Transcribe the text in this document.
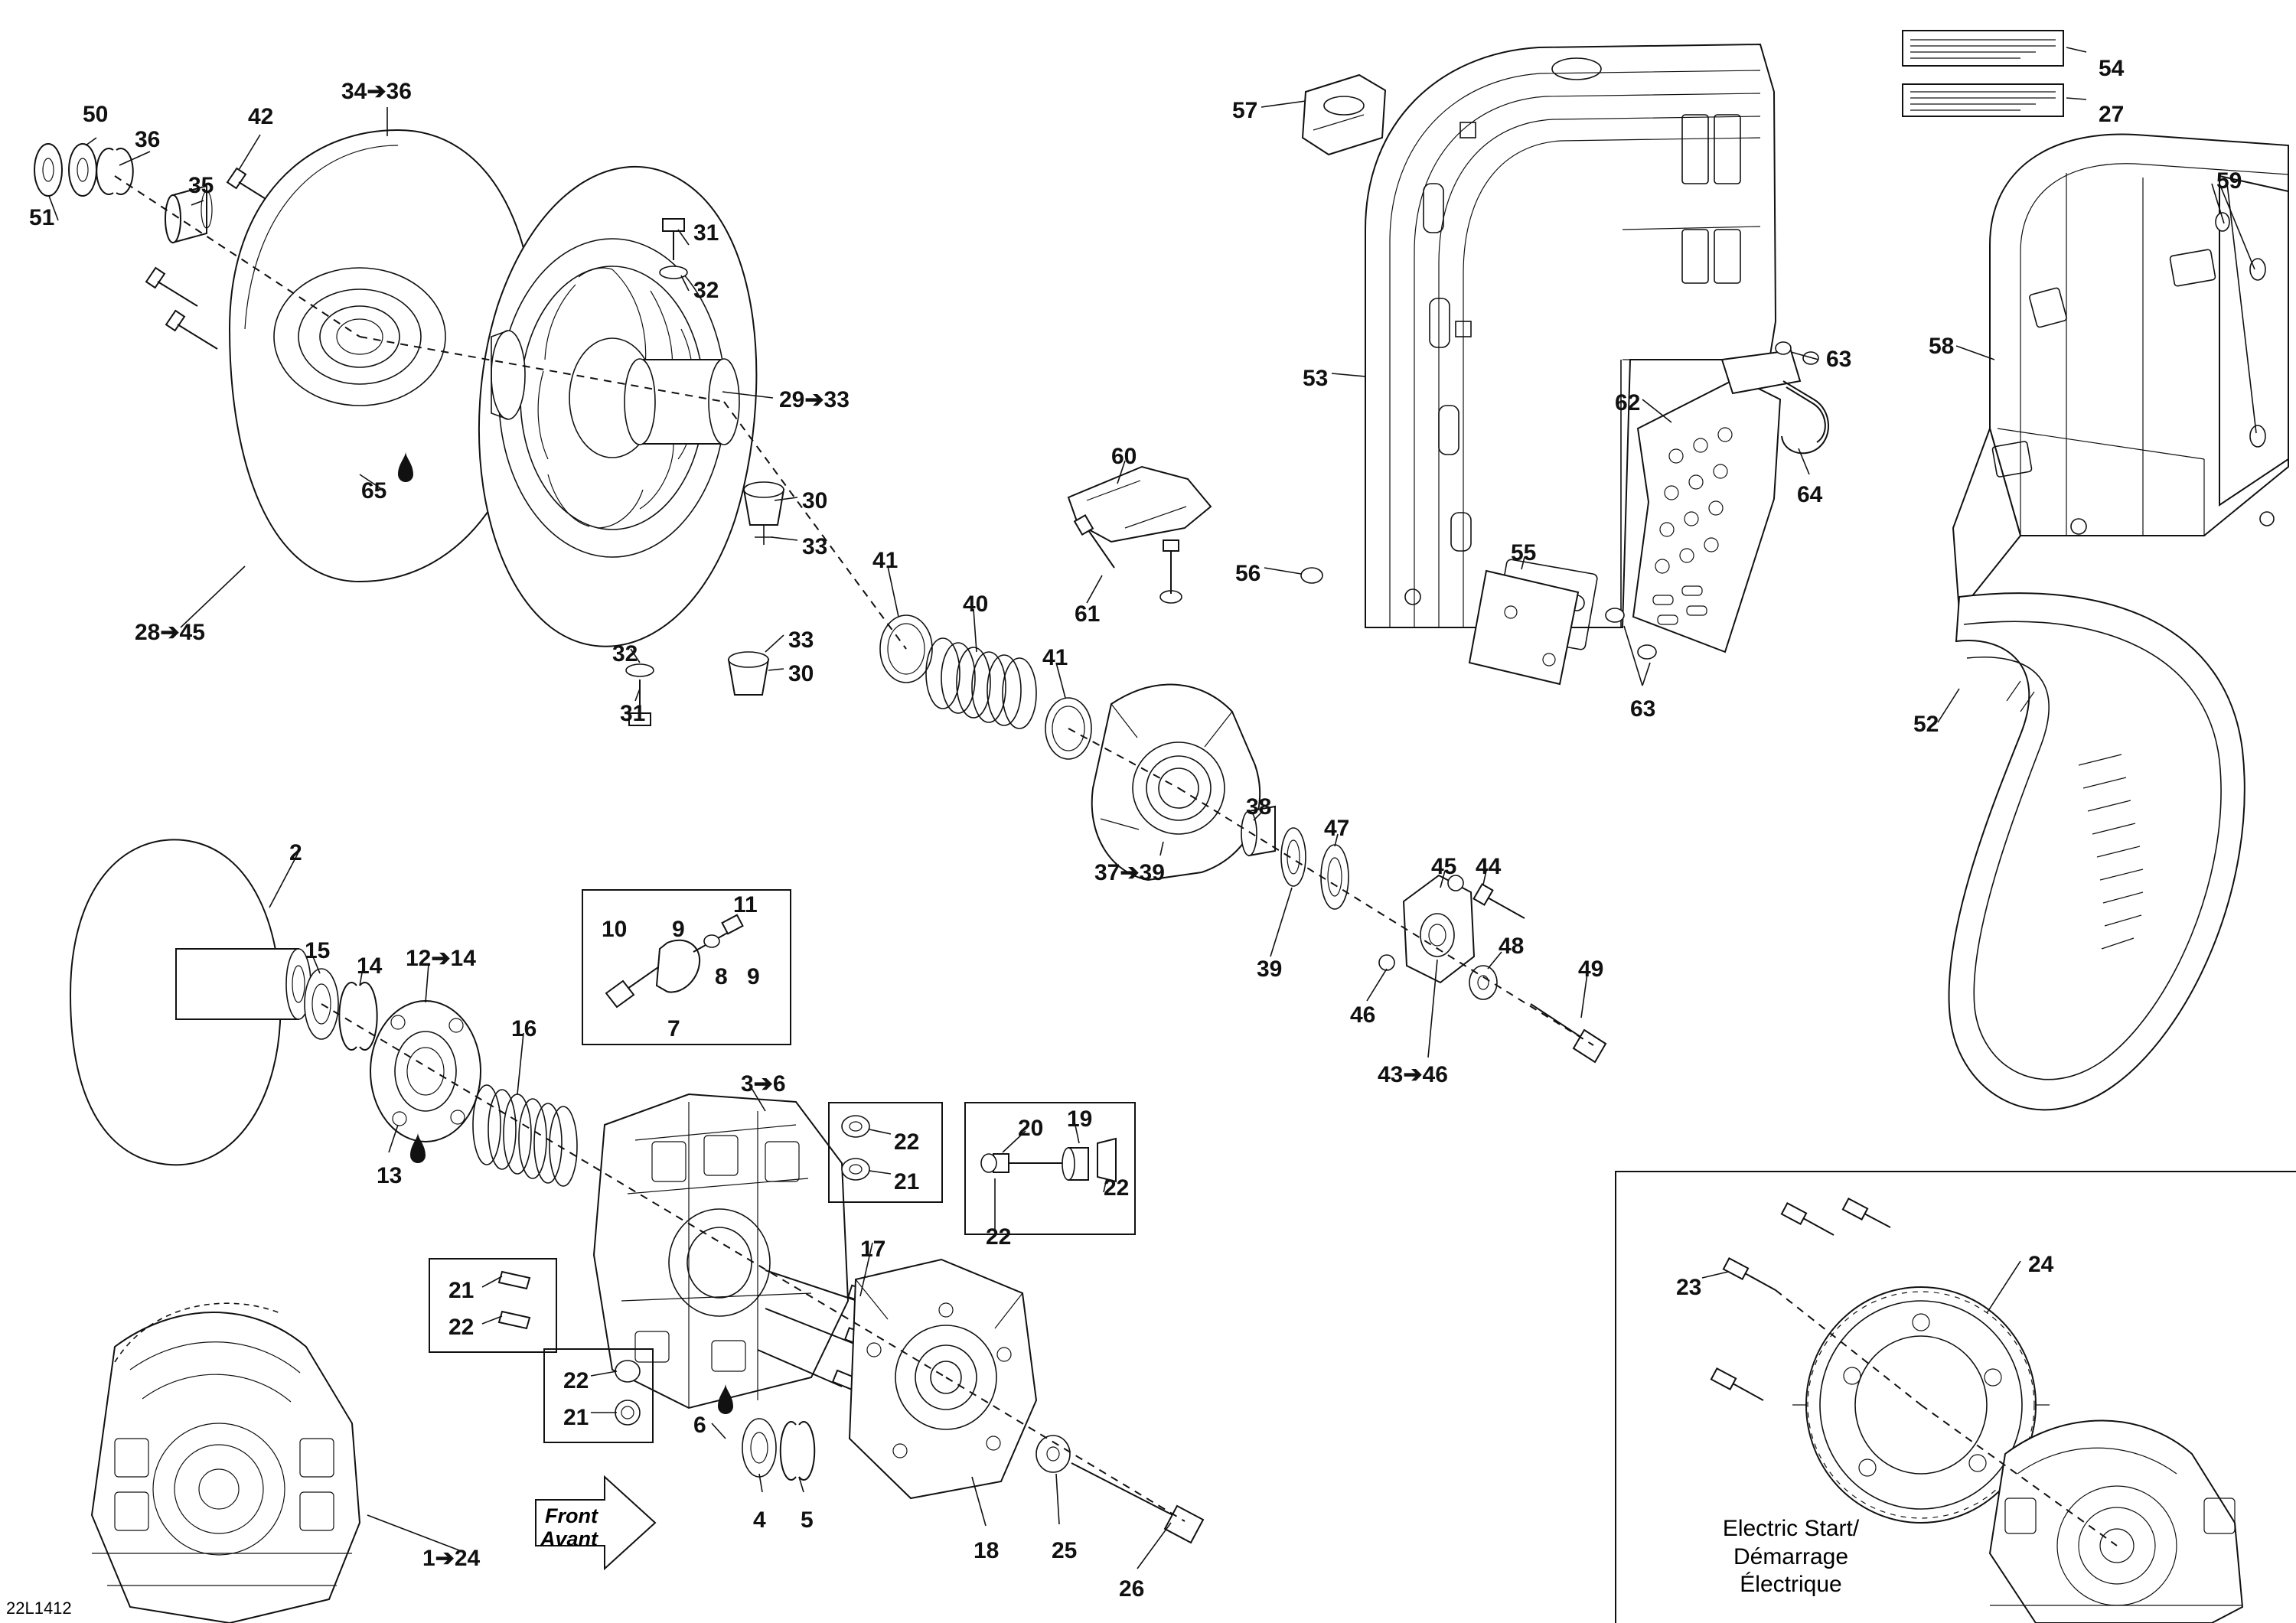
Electric Start/
Démarrage
Électrique
Front
Avant
22L1412
51
50
36
35
42
34➔36
31
32
29➔33
30
33
65
28➔45
32
33
30
31
41
40
41
37➔39
38
39
47
45 44
46
48
49
43➔46
60
61
56
53
57
55
62
63
64
63
54
27
59
58
52
2
15
14 12➔14
13
16
10 9
11
8 9
7
3➔6
22
21
20 19
22
22
17
21
22
22
21	6
4 5
18 25
26
1➔24
23
24
